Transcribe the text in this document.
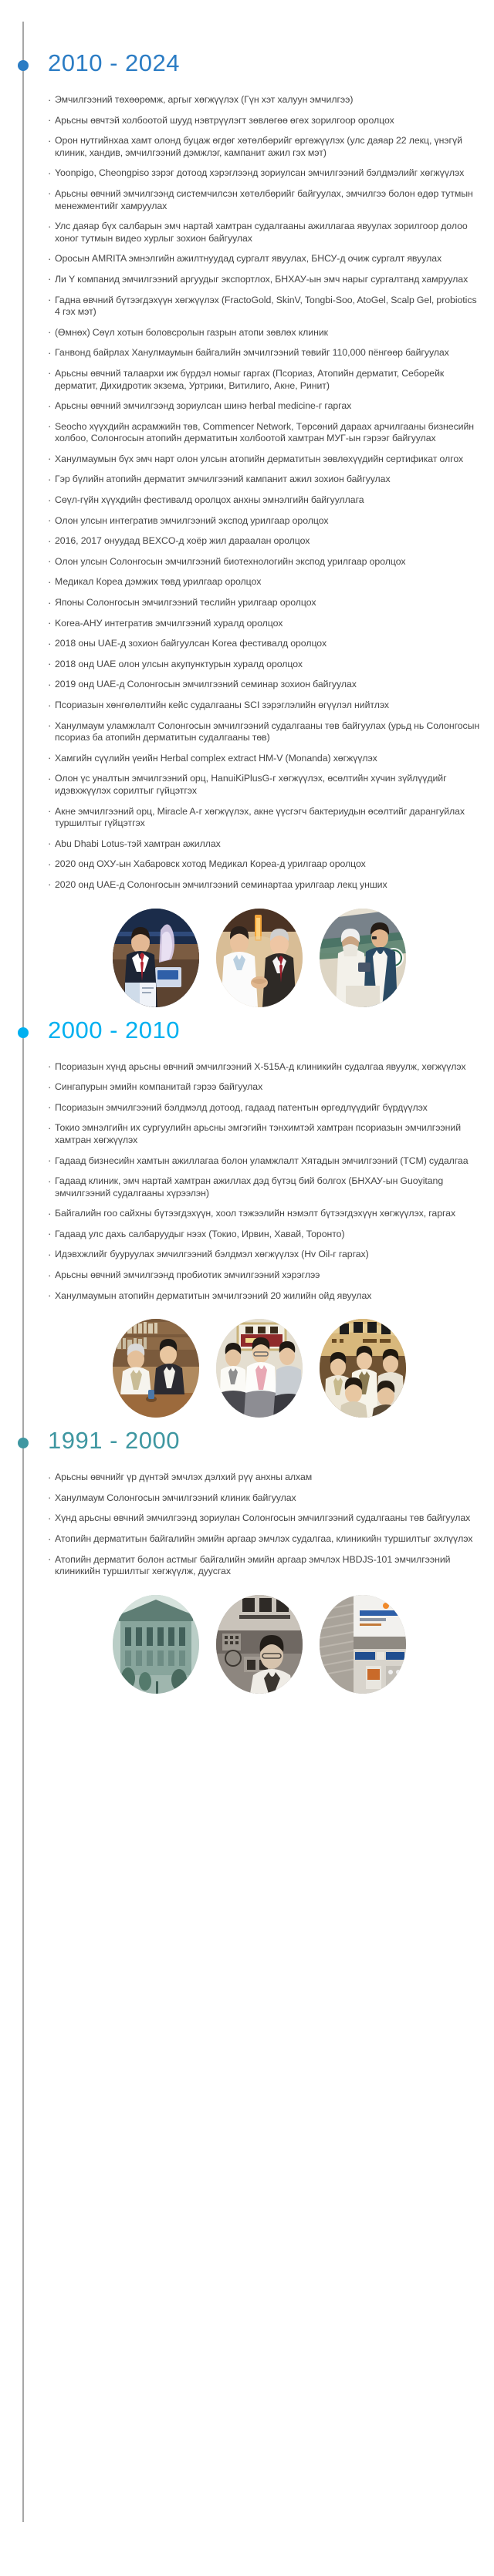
2010 - 2024
· Эмчилгээний төхөөрөмж, аргыг хөгжүүлэх (Гүн хэт халуун эмчилгээ)
· Арьсны өвчтэй холбоотой шууд нэвтрүүлэгт зөвлөгөө өгөх зорилгоор оролцох
· Орон нутгийнхаа хамт олонд буцаж өгдөг хөтөлбөрийг өргөжүүлэх (улс даяар 22 лекц, үнэгүй клиник, хандив, эмчилгээний дэмжлэг, кампанит ажил гэх мэт)
· Yoonpigo, Cheongpiso зэрэг дотоод хэрэглээнд зориулсан эмчилгээний бэлдмэлийг хөгжүүлэх
· Арьсны өвчний эмчилгээнд системчилсэн хөтөлбөрийг байгуулах, эмчилгээ болон өдөр тутмын менежментийг хамруулах
· Улс даяар бүх салбарын эмч нартай хамтран судалгааны ажиллагаа явуулах зорилгоор долоо хоног тутмын видео хурлыг зохион байгуулах
· Оросын AMRITA эмнэлгийн ажилтнуудад сургалт явуулах, БНСУ-д очиж сургалт явуулах
· Ли Y компанид эмчилгээний аргуудыг экспортлох, БНХАУ-ын эмч нарыг сургалтанд хамруулах
· Гадна өвчний бүтээгдэхүүн хөгжүүлэх (FractoGold, SkinV, Tongbi-Soo, AtoGel, Scalp Gel, probiotics 4 гэх мэт)
· (Өмнөх) Сөүл хотын боловсролын газрын атопи зөвлөх клиник
· Ганвонд байрлах Ханулмаумын байгалийн эмчилгээний төвийг 110,000 пёнгөөр байгуулах
· Арьсны өвчний талаархи иж бүрдэл номыг гаргах (Псориаз, Атопийн дерматит, Себорейк дерматит, Дихидротик экзема, Уртрики, Витилиго, Акне, Ринит)
· Арьсны өвчний эмчилгээнд зориулсан шинэ herbal medicine-г гаргах
· Seocho хүүхдийн асрамжийн төв, Commencer Network, Төрсөний дараах арчилгааны бизнесийн холбоо, Солонгосын атопийн дерматитын холбоотой хамтран МУГ-ын гэрээг байгуулах
· Ханулмаумын бүх эмч нарт олон улсын атопийн дерматитын зөвлөхүүдийн сертификат олгох
· Гэр бүлийн атопийн дерматит эмчилгээний кампанит ажил зохион байгуулах
· Сөүл-гүйн хүүхдийн фестивалд оролцох анхны эмнэлгийн байгууллага
· Олон улсын интегратив эмчилгээний экспод урилгаар оролцох
· 2016, 2017 онуудад BEXCO-д хоёр жил дараалан оролцох
· Олон улсын Солонгосын эмчилгээний биотехнологийн экспод урилгаар оролцох
· Медикал Кореа дэмжих төвд урилгаар оролцох
· Японы Солонгосын эмчилгээний төслийн урилгаар оролцох
· Korea-АНУ интегратив эмчилгээний хуралд оролцох
· 2018 оны UAE-д зохион байгуулсан Korea фестивалд оролцох
· 2018 онд UAE олон улсын акупунктурын хуралд оролцох
· 2019 онд UAE-д Солонгосын эмчилгээний семинар зохион байгуулах
· Псориазын хөнгөлөлтийн кейс судалгааны SCI зэрэглэлийн өгүүлэл нийтлэх
· Ханулмаум уламжлалт Солонгосын эмчилгээний судалгааны төв байгуулах (урьд нь Солонгосын псориаз ба атопийн дерматитын судалгааны төв)
· Хамгийн сүүлийн үеийн Herbal complex extract HM-V (Monanda) хөгжүүлэх
· Олон үс уналтын эмчилгээний орц, HanuiKiPlusG-г хөгжүүлэх, өсөлтийн хүчин зүйлүүдийг идэвхжүүлэх сорилтыг гүйцэтгэх
· Акне эмчилгээний орц, Miracle A-г хөгжүүлэх, акне үүсгэгч бактериудын өсөлтийг дарангуйлах туршилтыг гүйцэтгэх
· Abu Dhabi Lotus-тэй хамтран ажиллах
· 2020 онд ОХУ-ын Хабаровск хотод Медикал Кореа-д урилгаар оролцох
· 2020 онд UAE-д Солонгосын эмчилгээний семинартаа урилгаар лекц унших
2000 - 2010
· Псориазын хүнд арьсны өвчний эмчилгээний X-515A-д клиникийн судалгаа явуулж, хөгжүүлэх
· Сингапурын эмийн компанитай гэрээ байгуулах
· Псориазын эмчилгээний бэлдмэлд дотоод, гадаад патентын өргөдлүүдийг бүрдүүлэх
· Токио эмнэлгийн их сургуулийн арьсны эмгэгийн тэнхимтэй хамтран псориазын эмчилгээний хамтран хөгжүүлэх
· Гадаад бизнесийн хамтын ажиллагаа болон уламжлалт Хятадын эмчилгээний (TCM) судалгаа
· Гадаад клиник, эмч нартай хамтран ажиллах дэд бүтэц бий болгох (БНХАУ-ын Guoyitang эмчилгээний судалгааны хүрээлэн)
· Байгалийн гоо сайхны бүтээгдэхүүн, хоол тэжээлийн нэмэлт бүтээгдэхүүн хөгжүүлэх, гаргах
· Гадаад улс дахь салбаруудыг нээх (Токио, Ирвин, Хавай, Торонто)
· Идэвхжлийг бууруулах эмчилгээний бэлдмэл хөгжүүлэх (Hv Oil-г гаргах)
· Арьсны өвчний эмчилгээнд пробиотик эмчилгээний хэрэглээ
· Ханулмаумын атопийн дерматитын эмчилгээний 20 жилийн ойд явуулах
1991 - 2000
· Арьсны өвчнийг үр дүнтэй эмчлэх дэлхий рүү анхны алхам
· Ханулмаум Солонгосын эмчилгээний клиник байгуулах
· Хүнд арьсны өвчний эмчилгээнд зориулан Солонгосын эмчилгээний судалгааны төв байгуулах
· Атопийн дерматитын байгалийн эмийн аргаар эмчлэх судалгаа, клиникийн туршилтыг эхлүүлэх
· Атопийн дерматит болон астмыг байгалийн эмийн аргаар эмчлэх HBDJS-101 эмчилгээний клиникийн туршилтыг хөгжүүлж, дуусгах
